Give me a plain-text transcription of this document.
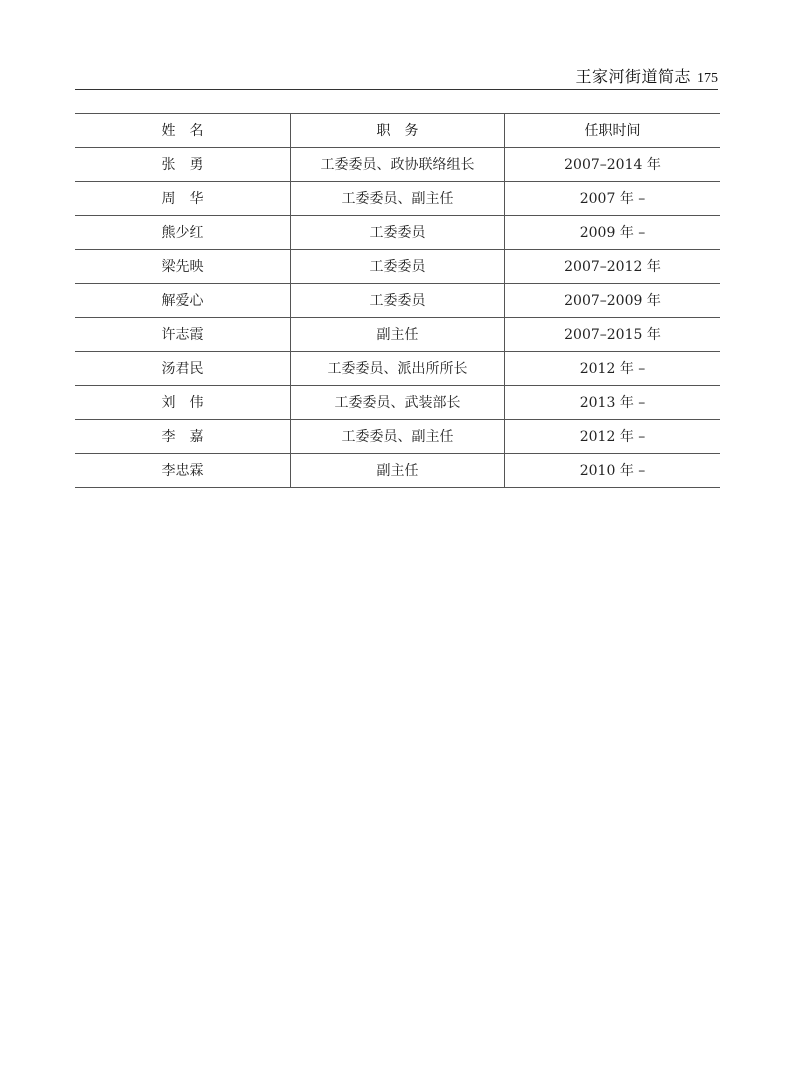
王家河街道简志 175
姓　名	职　务	任职时间
张　勇	工委委员、政协联络组长	2007–2014 年
周　华	工委委员、副主任	2007 年 –
熊少红	工委委员	2009 年 –
梁先映	工委委员	2007–2012 年
解爱心	工委委员	2007–2009 年
许志霞	副主任	2007–2015 年
汤君民	工委委员、派出所所长	2012 年 –
刘　伟	工委委员、武装部长	2013 年 –
李　嘉	工委委员、副主任	2012 年 –
李忠霖	副主任	2010 年 –
